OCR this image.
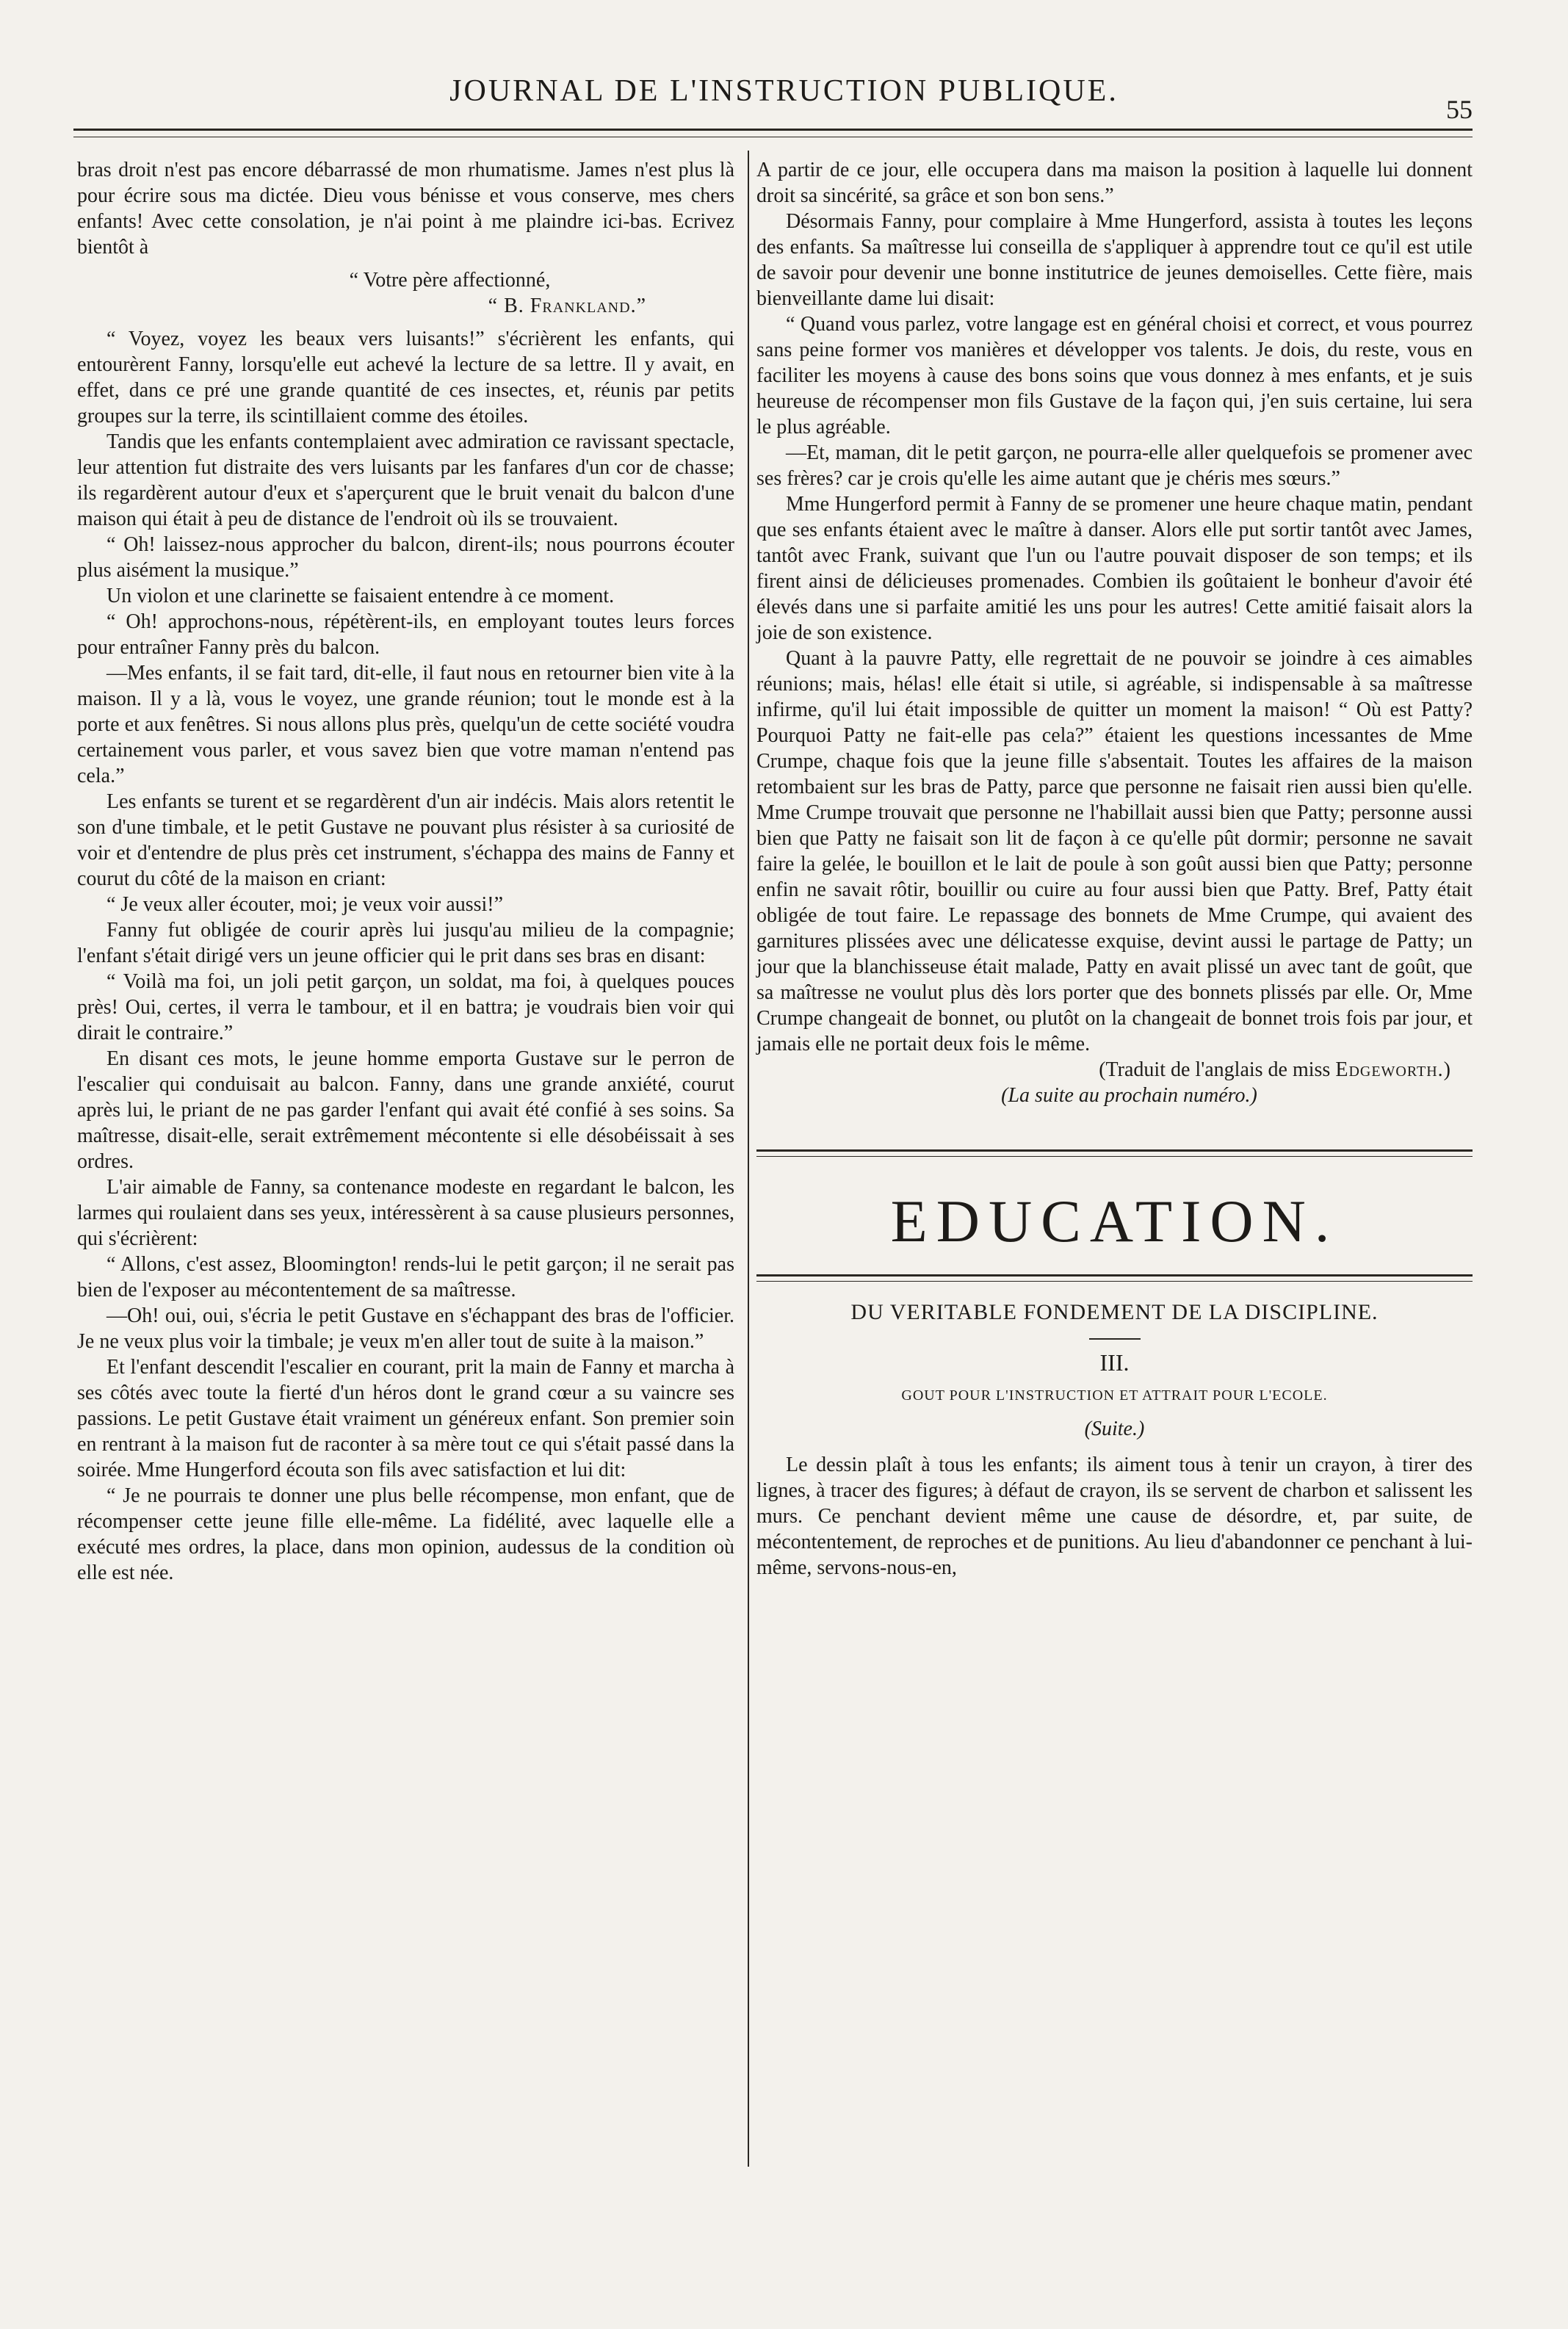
JOURNAL DE L'INSTRUCTION PUBLIQUE.
55

bras droit n'est pas encore débarrassé de mon rhumatisme. James n'est plus là pour écrire sous ma dictée. Dieu vous bénisse et vous conserve, mes chers enfants! Avec cette consolation, je n'ai point à me plaindre ici-bas. Ecrivez bientôt à

“ Votre père affectionné,

“ B. Frankland.”

“ Voyez, voyez les beaux vers luisants!” s'écrièrent les enfants, qui entourèrent Fanny, lorsqu'elle eut achevé la lecture de sa lettre. Il y avait, en effet, dans ce pré une grande quantité de ces insectes, et, réunis par petits groupes sur la terre, ils scintillaient comme des étoiles.

Tandis que les enfants contemplaient avec admiration ce ravissant spectacle, leur attention fut distraite des vers luisants par les fanfares d'un cor de chasse; ils regardèrent autour d'eux et s'aperçurent que le bruit venait du balcon d'une maison qui était à peu de distance de l'endroit où ils se trouvaient.

“ Oh! laissez-nous approcher du balcon, dirent-ils; nous pourrons écouter plus aisément la musique.”

Un violon et une clarinette se faisaient entendre à ce moment.

“ Oh! approchons-nous, répétèrent-ils, en employant toutes leurs forces pour entraîner Fanny près du balcon.

—Mes enfants, il se fait tard, dit-elle, il faut nous en retourner bien vite à la maison. Il y a là, vous le voyez, une grande réunion; tout le monde est à la porte et aux fenêtres. Si nous allons plus près, quelqu'un de cette société voudra certainement vous parler, et vous savez bien que votre maman n'entend pas cela.”

Les enfants se turent et se regardèrent d'un air indécis. Mais alors retentit le son d'une timbale, et le petit Gustave ne pouvant plus résister à sa curiosité de voir et d'entendre de plus près cet instrument, s'échappa des mains de Fanny et courut du côté de la maison en criant:

“ Je veux aller écouter, moi; je veux voir aussi!”

Fanny fut obligée de courir après lui jusqu'au milieu de la compagnie; l'enfant s'était dirigé vers un jeune officier qui le prit dans ses bras en disant:

“ Voilà ma foi, un joli petit garçon, un soldat, ma foi, à quelques pouces près! Oui, certes, il verra le tambour, et il en battra; je voudrais bien voir qui dirait le contraire.”

En disant ces mots, le jeune homme emporta Gustave sur le perron de l'escalier qui conduisait au balcon. Fanny, dans une grande anxiété, courut après lui, le priant de ne pas garder l'enfant qui avait été confié à ses soins. Sa maîtresse, disait-elle, serait extrêmement mécontente si elle désobéissait à ses ordres.

L'air aimable de Fanny, sa contenance modeste en regardant le balcon, les larmes qui roulaient dans ses yeux, intéressèrent à sa cause plusieurs personnes, qui s'écrièrent:

“ Allons, c'est assez, Bloomington! rends-lui le petit garçon; il ne serait pas bien de l'exposer au mécontentement de sa maîtresse.

—Oh! oui, oui, s'écria le petit Gustave en s'échappant des bras de l'officier. Je ne veux plus voir la timbale; je veux m'en aller tout de suite à la maison.”

Et l'enfant descendit l'escalier en courant, prit la main de Fanny et marcha à ses côtés avec toute la fierté d'un héros dont le grand cœur a su vaincre ses passions. Le petit Gustave était vraiment un généreux enfant. Son premier soin en rentrant à la maison fut de raconter à sa mère tout ce qui s'était passé dans la soirée. Mme Hungerford écouta son fils avec satisfaction et lui dit:

“ Je ne pourrais te donner une plus belle récompense, mon enfant, que de récompenser cette jeune fille elle-même. La fidélité, avec laquelle elle a exécuté mes ordres, la place, dans mon opinion, audessus de la condition où elle est née.

A partir de ce jour, elle occupera dans ma maison la position à laquelle lui donnent droit sa sincérité, sa grâce et son bon sens.”

Désormais Fanny, pour complaire à Mme Hungerford, assista à toutes les leçons des enfants. Sa maîtresse lui conseilla de s'appliquer à apprendre tout ce qu'il est utile de savoir pour devenir une bonne institutrice de jeunes demoiselles. Cette fière, mais bienveillante dame lui disait:

“ Quand vous parlez, votre langage est en général choisi et correct, et vous pourrez sans peine former vos manières et développer vos talents. Je dois, du reste, vous en faciliter les moyens à cause des bons soins que vous donnez à mes enfants, et je suis heureuse de récompenser mon fils Gustave de la façon qui, j'en suis certaine, lui sera le plus agréable.

—Et, maman, dit le petit garçon, ne pourra-elle aller quelquefois se promener avec ses frères? car je crois qu'elle les aime autant que je chéris mes sœurs.”

Mme Hungerford permit à Fanny de se promener une heure chaque matin, pendant que ses enfants étaient avec le maître à danser. Alors elle put sortir tantôt avec James, tantôt avec Frank, suivant que l'un ou l'autre pouvait disposer de son temps; et ils firent ainsi de délicieuses promenades. Combien ils goûtaient le bonheur d'avoir été élevés dans une si parfaite amitié les uns pour les autres! Cette amitié faisait alors la joie de son existence.

Quant à la pauvre Patty, elle regrettait de ne pouvoir se joindre à ces aimables réunions; mais, hélas! elle était si utile, si agréable, si indispensable à sa maîtresse infirme, qu'il lui était impossible de quitter un moment la maison! “ Où est Patty? Pourquoi Patty ne fait-elle pas cela?” étaient les questions incessantes de Mme Crumpe, chaque fois que la jeune fille s'absentait. Toutes les affaires de la maison retombaient sur les bras de Patty, parce que personne ne faisait rien aussi bien qu'elle. Mme Crumpe trouvait que personne ne l'habillait aussi bien que Patty; personne aussi bien que Patty ne faisait son lit de façon à ce qu'elle pût dormir; personne ne savait faire la gelée, le bouillon et le lait de poule à son goût aussi bien que Patty; personne enfin ne savait rôtir, bouillir ou cuire au four aussi bien que Patty. Bref, Patty était obligée de tout faire. Le repassage des bonnets de Mme Crumpe, qui avaient des garnitures plissées avec une délicatesse exquise, devint aussi le partage de Patty; un jour que la blanchisseuse était malade, Patty en avait plissé un avec tant de goût, que sa maîtresse ne voulut plus dès lors porter que des bonnets plissés par elle. Or, Mme Crumpe changeait de bonnet, ou plutôt on la changeait de bonnet trois fois par jour, et jamais elle ne portait deux fois le même.

(Traduit de l'anglais de miss Edgeworth.)

(La suite au prochain numéro.)

EDUCATION.
DU VERITABLE FONDEMENT DE LA DISCIPLINE.
III.
GOUT POUR L'INSTRUCTION ET ATTRAIT POUR L'ECOLE.
(Suite.)

Le dessin plaît à tous les enfants; ils aiment tous à tenir un crayon, à tirer des lignes, à tracer des figures; à défaut de crayon, ils se servent de charbon et salissent les murs. Ce penchant devient même une cause de désordre, et, par suite, de mécontentement, de reproches et de punitions. Au lieu d'abandonner ce penchant à lui-même, servons-nous-en,
